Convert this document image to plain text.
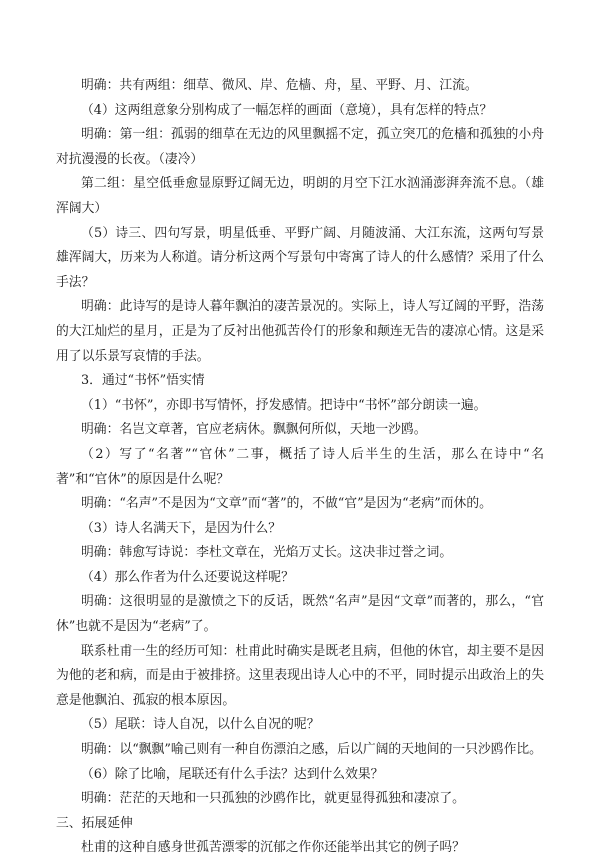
明确：共有两组：细草、微风、岸、危樯、舟，星、平野、月、江流。

（4）这两组意象分别构成了一幅怎样的画面（意境），具有怎样的特点？

明确：第一组：孤弱的细草在无边的风里飘摇不定，孤立突兀的危樯和孤独的小舟对抗漫漫的长夜。（凄冷）

第二组：星空低垂愈显原野辽阔无边，明朗的月空下江水汹涌澎湃奔流不息。（雄浑阔大）

（5）诗三、四句写景，明星低垂、平野广阔、月随波涌、大江东流，这两句写景雄浑阔大，历来为人称道。请分析这两个写景句中寄寓了诗人的什么感情？采用了什么手法？

明确：此诗写的是诗人暮年飘泊的凄苦景况的。实际上，诗人写辽阔的平野，浩荡的大江灿烂的星月，正是为了反衬出他孤苦伶仃的形象和颠连无告的凄凉心情。这是采用了以乐景写哀情的手法。

3．通过“书怀”悟实情

（1）“书怀”，亦即书写情怀，抒发感情。把诗中“书怀”部分朗读一遍。

明确：名岂文章著，官应老病休。飘飘何所似，天地一沙鸥。

（2）写了“名著”“官休”二事，概括了诗人后半生的生活，那么在诗中“名著”和“官休”的原因是什么呢？

明确：“名声”不是因为“文章”而“著”的，不做“官”是因为“老病”而休的。

（3）诗人名满天下，是因为什么？

明确：韩愈写诗说：李杜文章在，光焰万丈长。这决非过誉之词。

（4）那么作者为什么还要说这样呢？

明确：这很明显的是激愤之下的反话，既然“名声”是因“文章”而著的，那么，“官休”也就不是因为“老病”了。

联系杜甫一生的经历可知：杜甫此时确实是既老且病，但他的休官，却主要不是因为他的老和病，而是由于被排挤。这里表现出诗人心中的不平，同时提示出政治上的失意是他飘泊、孤寂的根本原因。

（5）尾联：诗人自况，以什么自况的呢？

明确：以“飘飘”喻己则有一种自伤漂泊之感，后以广阔的天地间的一只沙鸥作比。

（6）除了比喻，尾联还有什么手法？达到什么效果？

明确：茫茫的天地和一只孤独的沙鸥作比，就更显得孤独和凄凉了。

三、拓展延伸

杜甫的这种自感身世孤苦漂零的沉郁之作你还能举出其它的例子吗？
